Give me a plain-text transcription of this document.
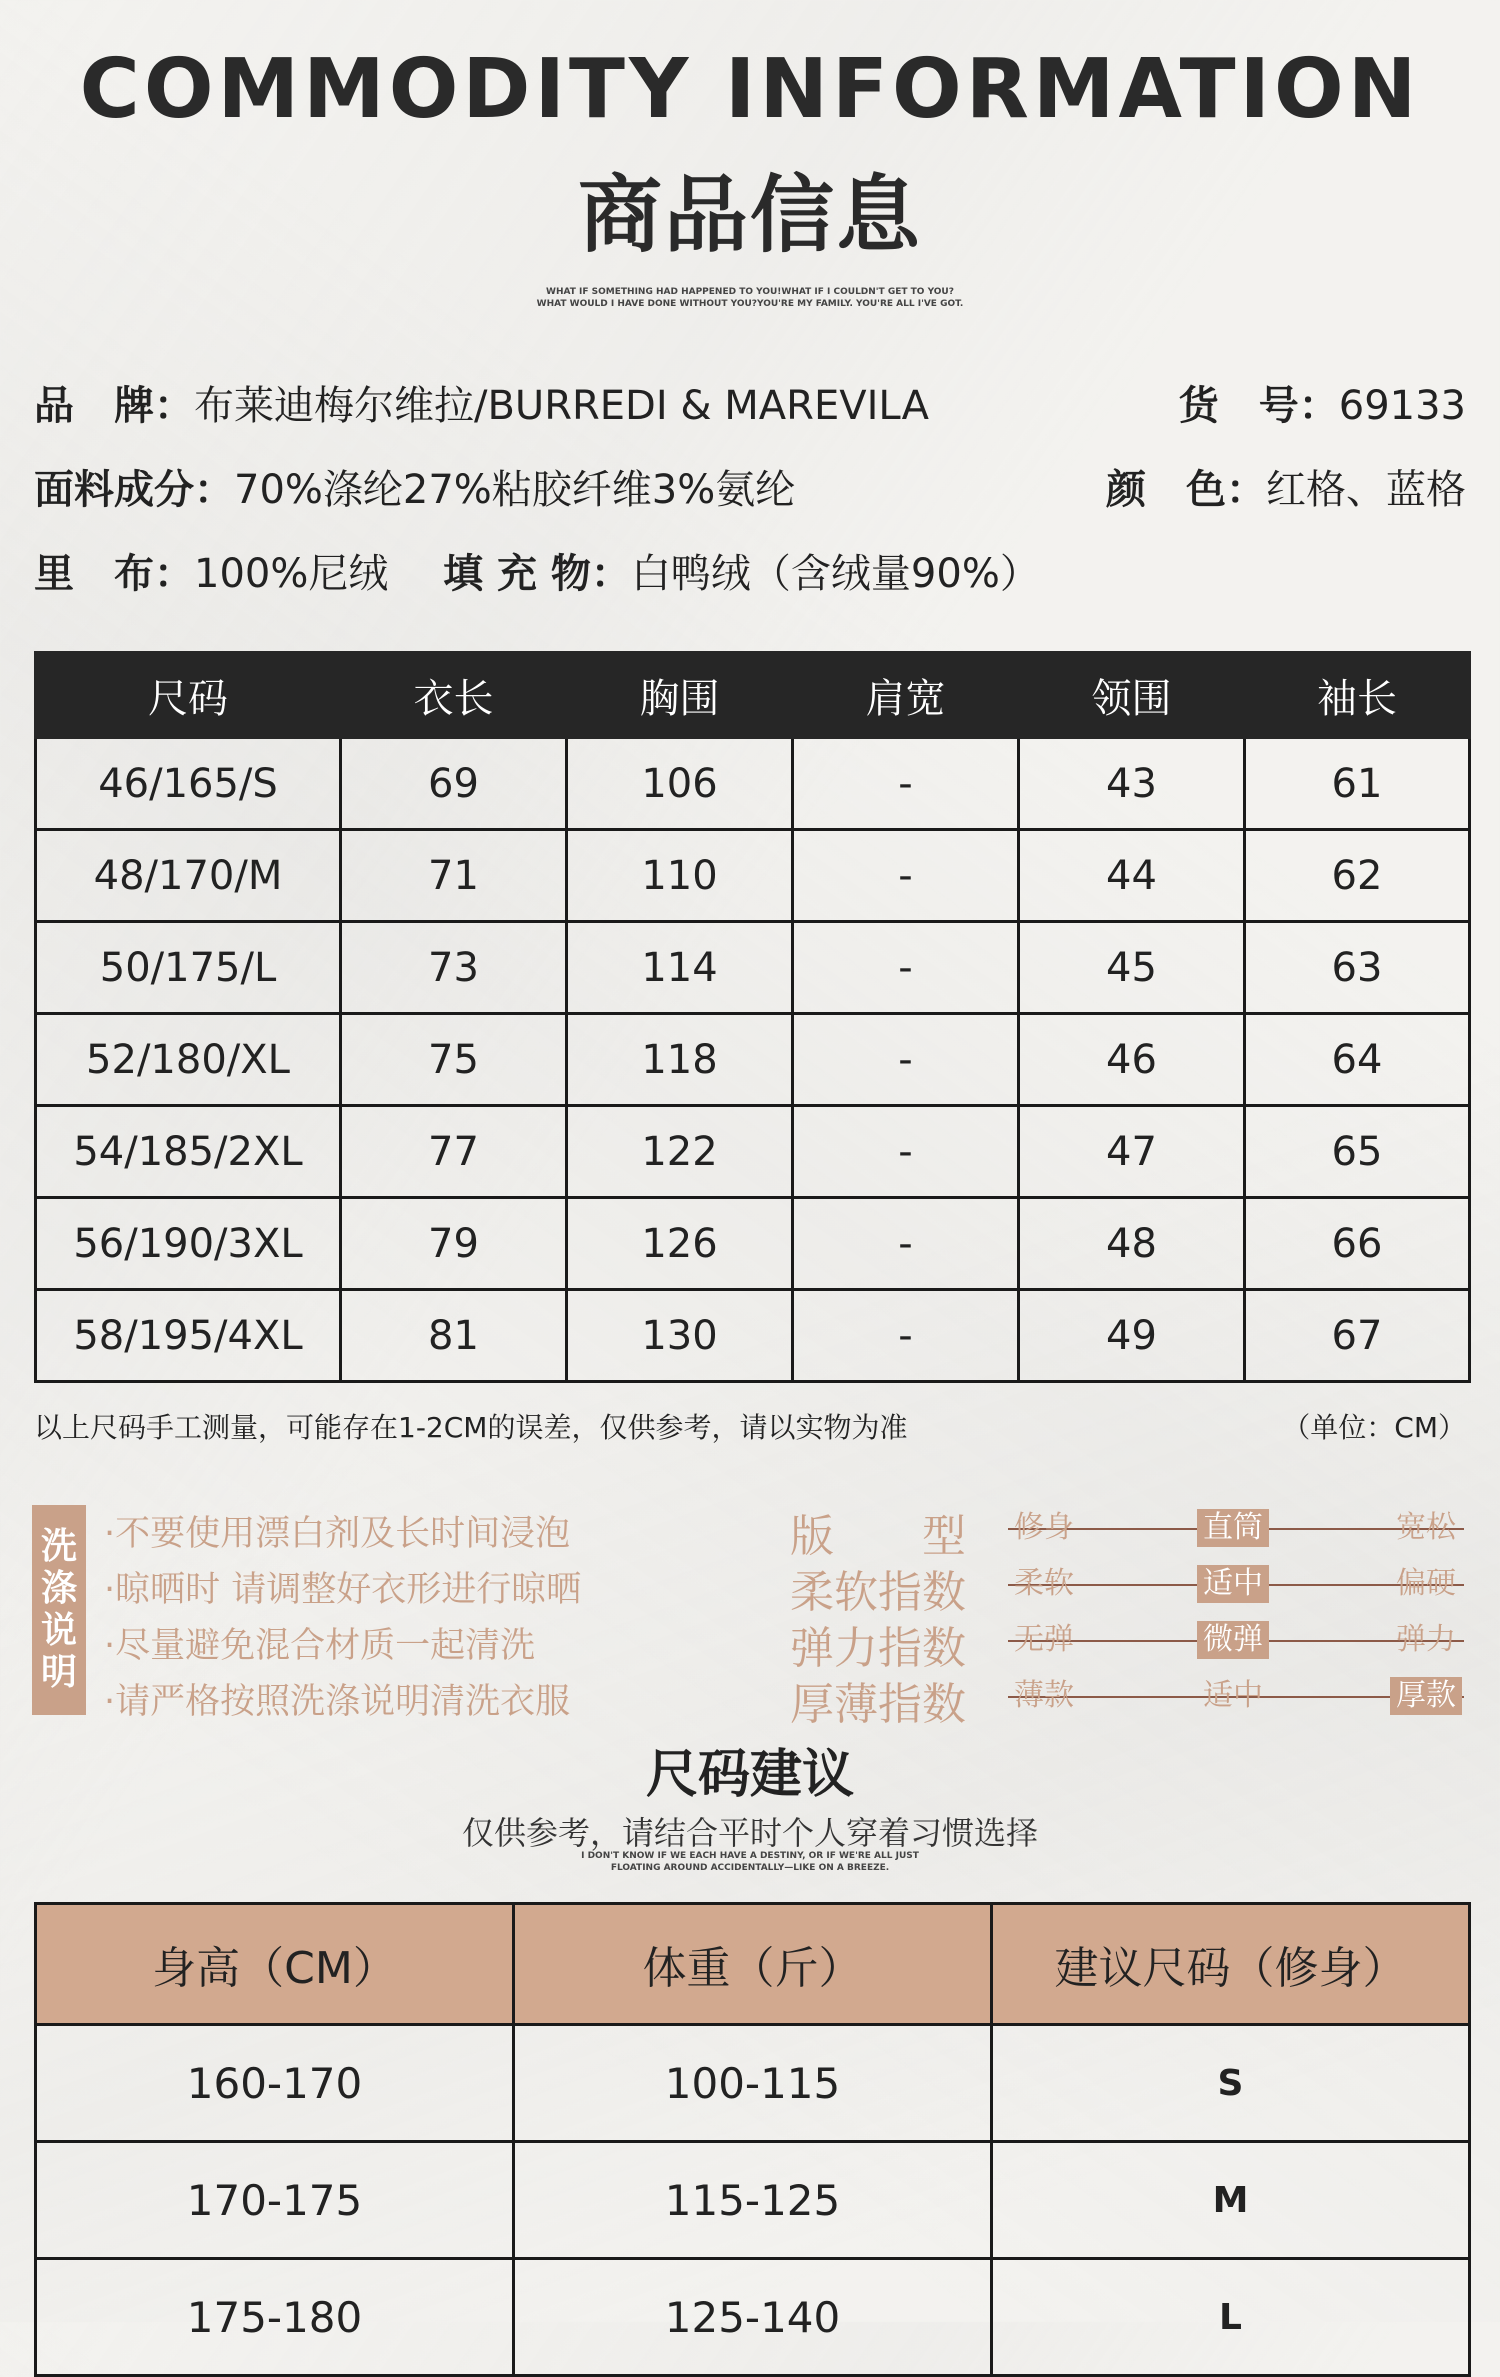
COMMODITY INFORMATION
商品信息
WHAT IF SOMETHING HAD HAPPENED TO YOU!WHAT IF I COULDN'T GET TO YOU?
WHAT WOULD I HAVE DONE WITHOUT YOU?YOU'RE MY FAMILY. YOU'RE ALL I'VE GOT.
品　牌：布莱迪梅尔维拉/BURREDI & MAREVILA	货　号：69133
面料成分：70%涤纶27%粘胶纤维3%氨纶	颜　色：红格、蓝格
里　布：100%尼绒 填 充 物：白鸭绒（含绒量90%）
尺码	衣长	胸围	肩宽	领围	袖长
46/165/S	69	106	-	43	61
48/170/M	71	110	-	44	62
50/175/L	73	114	-	45	63
52/180/XL	75	118	-	46	64
54/185/2XL	77	122	-	47	65
56/190/3XL	79	126	-	48	66
58/195/4XL	81	130	-	49	67
以上尺码手工测量，可能存在1-2CM的误差，仅供参考，请以实物为准	（单位：CM）
洗
涤
说
明
·不要使用漂白剂及长时间浸泡
·晾晒时 请调整好衣形进行晾晒
·尽量避免混合材质一起清洗
·请严格按照洗涤说明清洗衣服
版　　型 修身	直筒	宽松
柔软指数 柔软	适中	偏硬
弹力指数 无弹	微弹	弹力
厚薄指数 薄款	适中	厚款
尺码建议
仅供参考，请结合平时个人穿着习惯选择
I DON'T KNOW IF WE EACH HAVE A DESTINY, OR IF WE'RE ALL JUST
FLOATING AROUND ACCIDENTALLY—LIKE ON A BREEZE.
身高（CM）	体重（斤）	建议尺码（修身）
160-170	100-115	S
170-175	115-125	M
175-180	125-140	L
